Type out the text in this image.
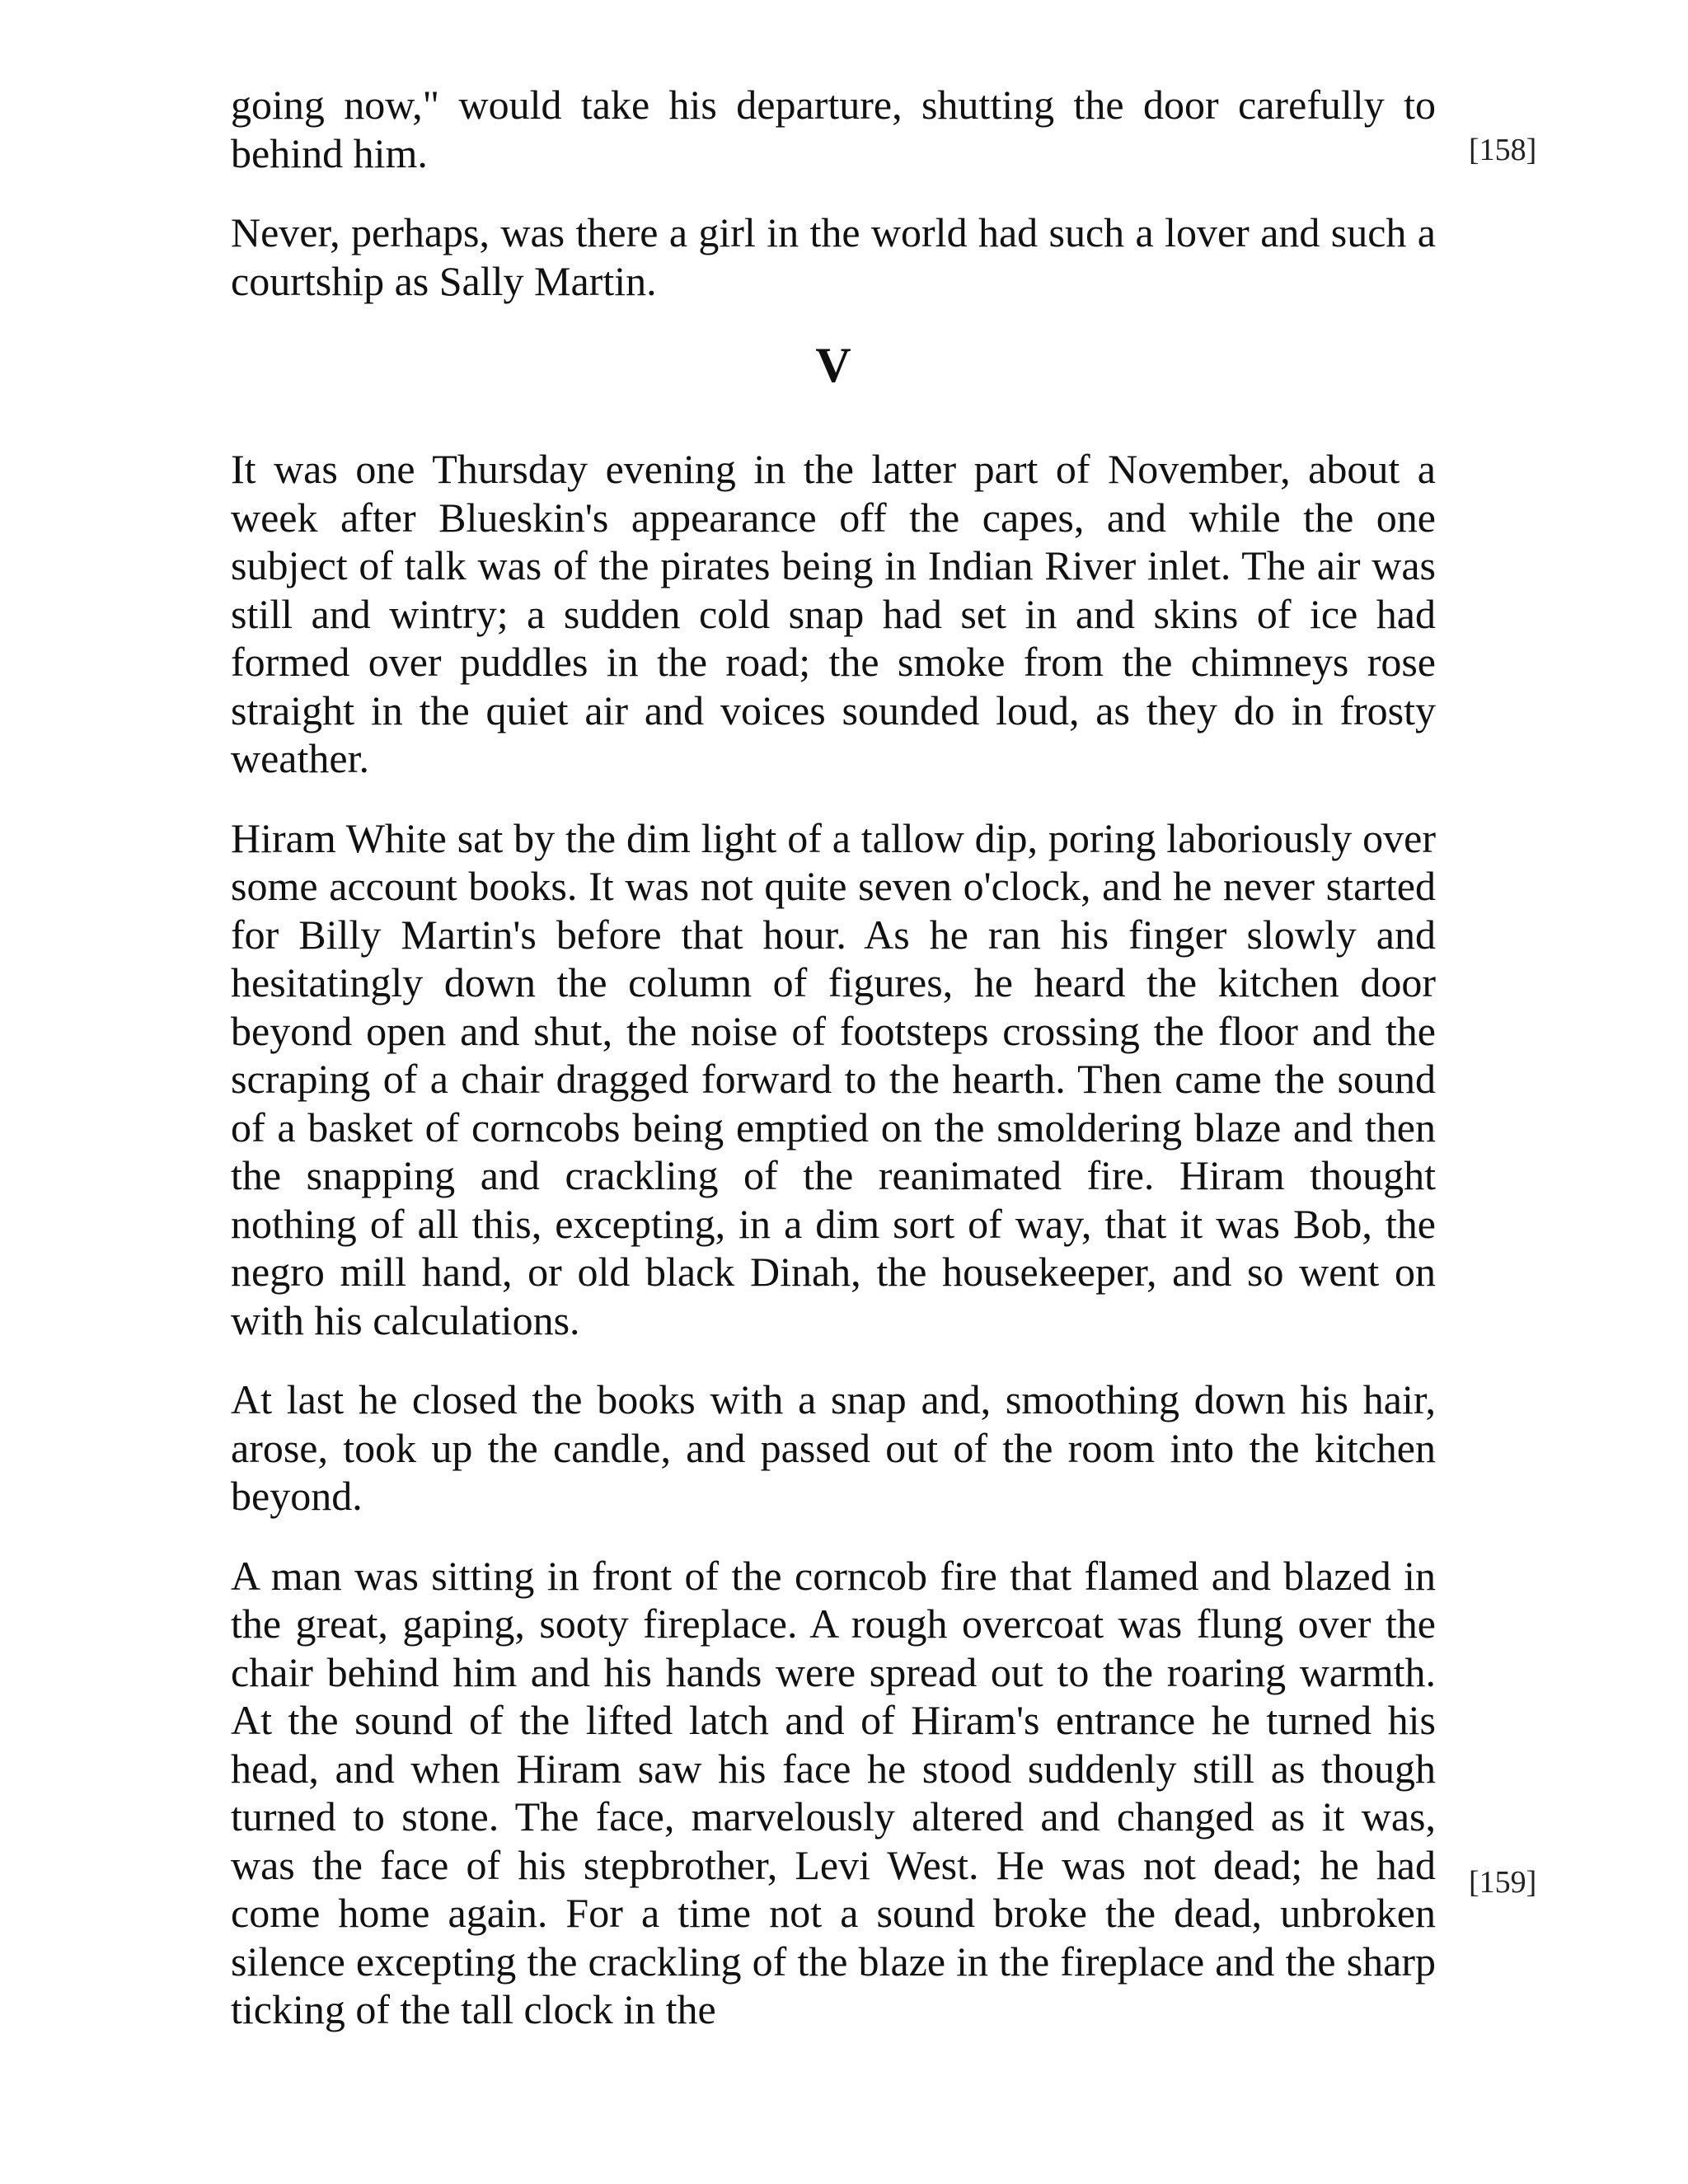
going now," would take his departure, shutting the door carefully to behind him.

Never, perhaps, was there a girl in the world had such a lover and such a courtship as Sally Martin.

V

It was one Thursday evening in the latter part of November, about a week after Blueskin's appearance off the capes, and while the one subject of talk was of the pirates being in Indian River inlet. The air was still and wintry; a sudden cold snap had set in and skins of ice had formed over puddles in the road; the smoke from the chimneys rose straight in the quiet air and voices sounded loud, as they do in frosty weather.

Hiram White sat by the dim light of a tallow dip, poring laboriously over some account books. It was not quite seven o'clock, and he never started for Billy Martin's before that hour. As he ran his finger slowly and hesitatingly down the column of figures, he heard the kitchen door beyond open and shut, the noise of footsteps crossing the floor and the scraping of a chair dragged forward to the hearth. Then came the sound of a basket of corncobs being emptied on the smoldering blaze and then the snapping and crackling of the reanimated fire. Hiram thought nothing of all this, excepting, in a dim sort of way, that it was Bob, the negro mill hand, or old black Dinah, the housekeeper, and so went on with his calculations.

At last he closed the books with a snap and, smoothing down his hair, arose, took up the candle, and passed out of the room into the kitchen beyond.

A man was sitting in front of the corncob fire that flamed and blazed in the great, gaping, sooty fireplace. A rough overcoat was flung over the chair behind him and his hands were spread out to the roaring warmth. At the sound of the lifted latch and of Hiram's entrance he turned his head, and when Hiram saw his face he stood suddenly still as though turned to stone. The face, marvelously altered and changed as it was, was the face of his stepbrother, Levi West. He was not dead; he had come home again. For a time not a sound broke the dead, unbroken silence excepting the crackling of the blaze in the fireplace and the sharp ticking of the tall clock in the

[158]
[159]
